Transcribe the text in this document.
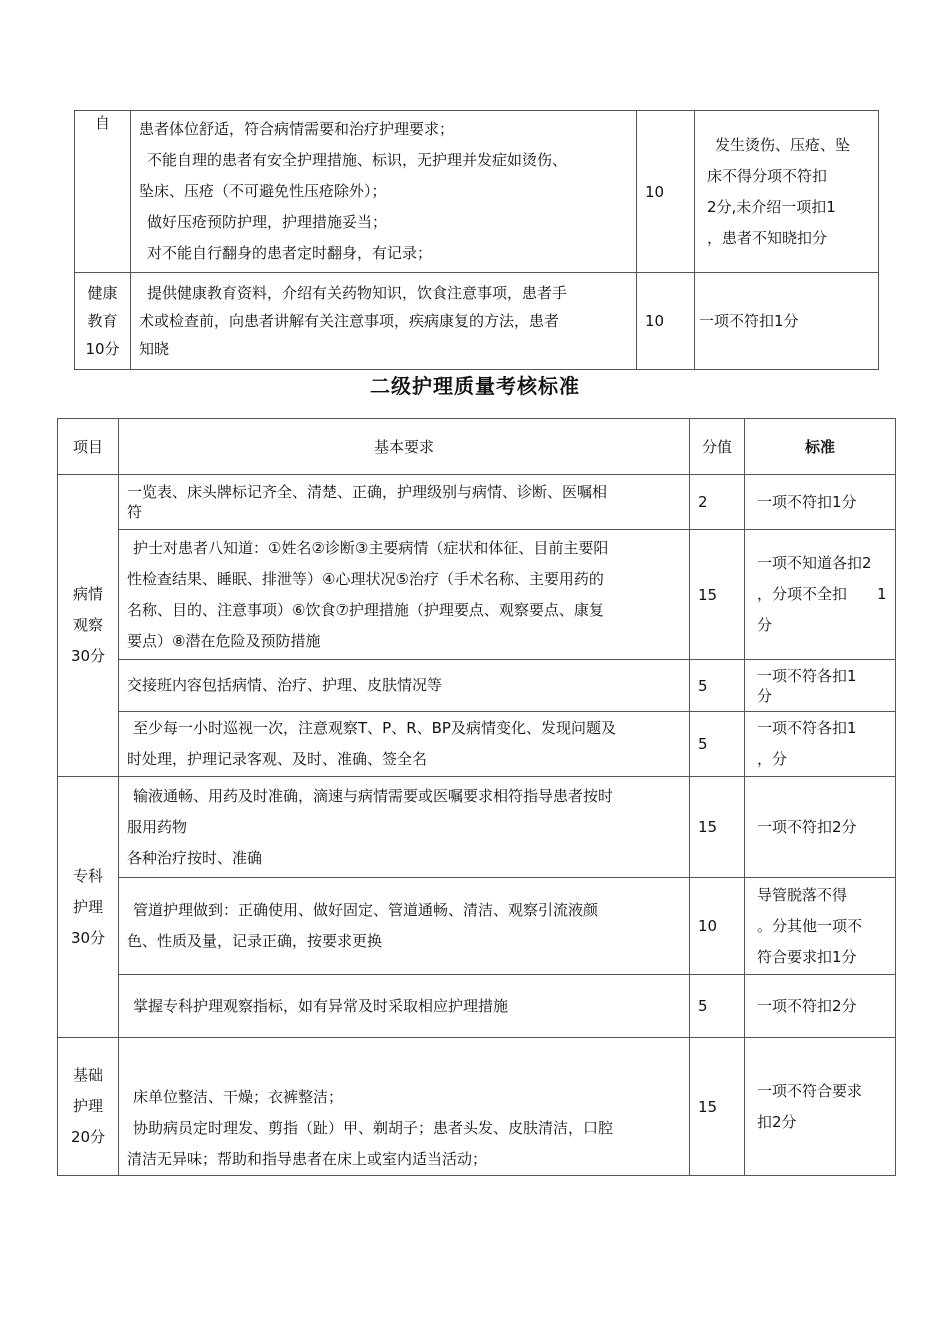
自	患者体位舒适，符合病情需要和治疗护理要求；
不能自理的患者有安全护理措施、标识，无护理并发症如烫伤、
坠床、压疮（不可避免性压疮除外）；
做好压疮预防护理，护理措施妥当；
对不能自行翻身的患者定时翻身，有记录；	10	发生烫伤、压疮、坠
床不得分项不符扣
2分,未介绍一项扣1
，患者不知晓扣分

健康
教育
10分	提供健康教育资料，介绍有关药物知识，饮食注意事项，患者手
术或检查前，向患者讲解有关注意事项，疾病康复的方法，患者
知晓	10	一项不符扣1分
二级护理质量考核标准
项目	基本要求	分值	标准

病情
观察
30分	一览表、床头牌标记齐全、清楚、正确，护理级别与病情、诊断、医嘱相
符	2	一项不符扣1分

	护士对患者八知道：①姓名②诊断③主要病情（症状和体征、目前主要阳
性检查结果、睡眠、排泄等）④心理状况⑤治疗（手术名称、主要用药的
名称、目的、注意事项）⑥饮食⑦护理措施（护理要点、观察要点、康复
要点）⑧潜在危险及预防措施	15	一项不知道各扣2
，分项不全扣　　1
分

	交接班内容包括病情、治疗、护理、皮肤情况等	5	一项不符各扣1
分

	至少每一小时巡视一次，注意观察T、P、R、BP及病情变化、发现问题及
时处理，护理记录客观、及时、准确、签全名	5	一项不符各扣1
，分

专科
护理
30分	输液通畅、用药及时准确，滴速与病情需要或医嘱要求相符指导患者按时
服用药物
各种治疗按时、准确	15	一项不符扣2分

	管道护理做到：正确使用、做好固定、管道通畅、清洁、观察引流液颜
色、性质及量，记录正确，按要求更换	10	导管脱落不得
。分其他一项不
符合要求扣1分

	掌握专科护理观察指标，如有异常及时采取相应护理措施	5	一项不符扣2分

基础
护理
20分	床单位整洁、干燥；衣裤整洁；
协助病员定时理发、剪指（趾）甲、剃胡子；患者头发、皮肤清洁，口腔
清洁无异味；帮助和指导患者在床上或室内适当活动；	15	一项不符合要求
扣2分
